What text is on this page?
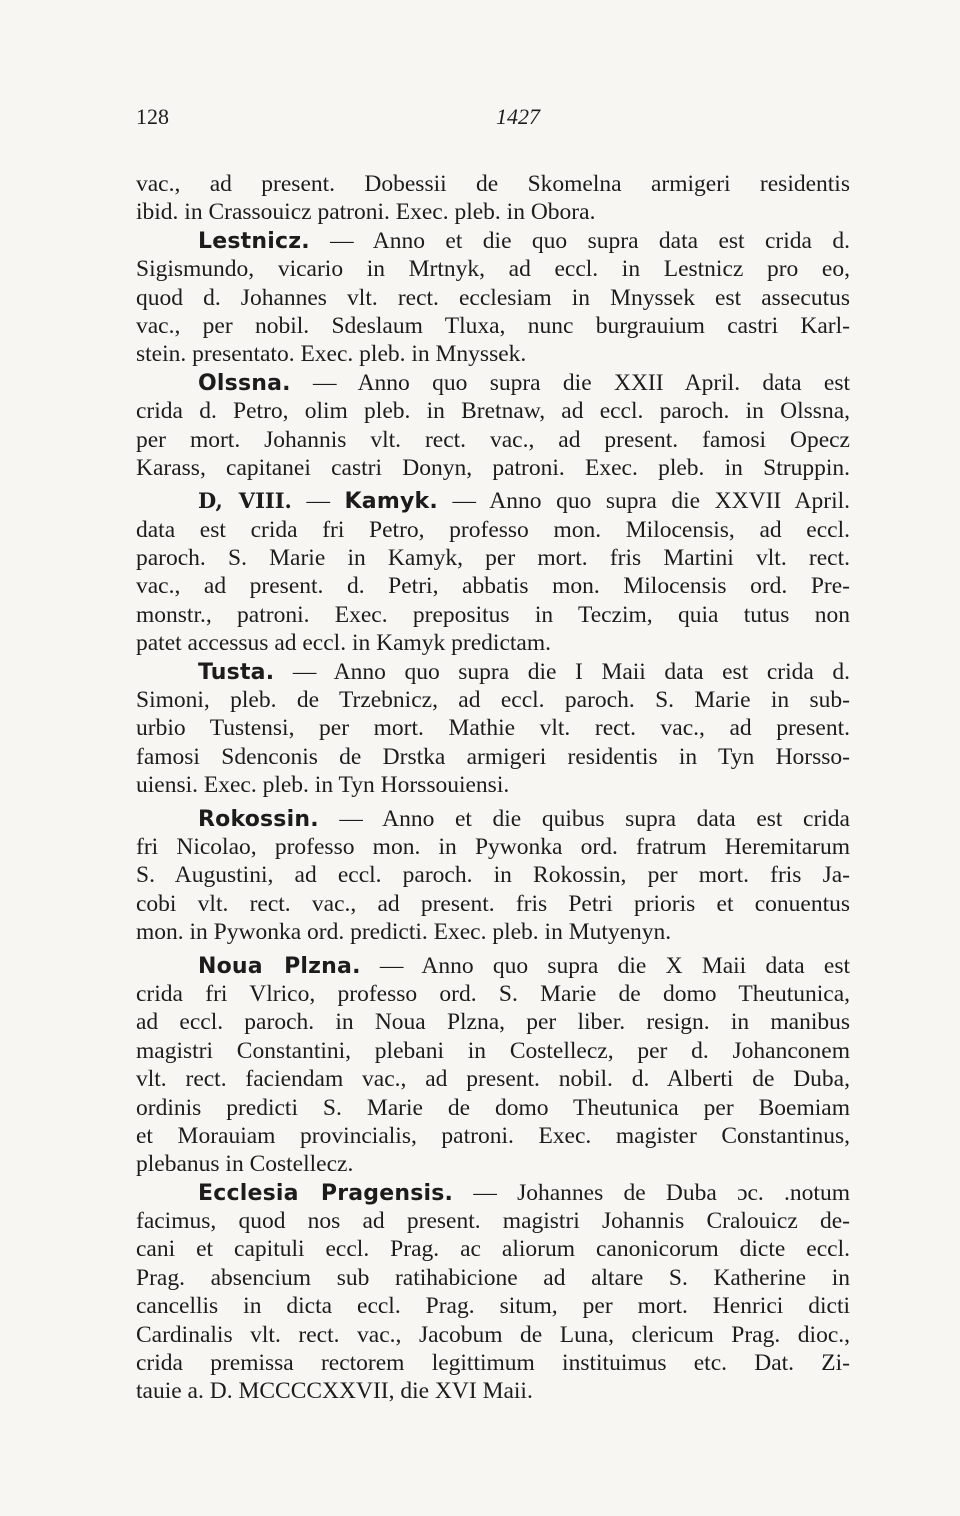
128	1427
vac., ad present. Dobessii de Skomelna armigeri residentis
ibid. in Crassouicz patroni. Exec. pleb. in Obora.
Lestnicz. — Anno et die quo supra data est crida d.
Sigismundo, vicario in Mrtnyk, ad eccl. in Lestnicz pro eo,
quod d. Johannes vlt. rect. ecclesiam in Mnyssek est assecutus
vac., per nobil. Sdeslaum Tluxa, nunc burgrauium castri Karl-
stein. presentato. Exec. pleb. in Mnyssek.
Olssna. — Anno quo supra die XXII April. data est
crida d. Petro, olim pleb. in Bretnaw, ad eccl. paroch. in Olssna,
per mort. Johannis vlt. rect. vac., ad present. famosi Opecz
Karass, capitanei castri Donyn, patroni. Exec. pleb. in Struppin.
D, VIII. — Kamyk. — Anno quo supra die XXVII April.
data est crida fri Petro, professo mon. Milocensis, ad eccl.
paroch. S. Marie in Kamyk, per mort. fris Martini vlt. rect.
vac., ad present. d. Petri, abbatis mon. Milocensis ord. Pre-
monstr., patroni. Exec. prepositus in Teczim, quia tutus non
patet accessus ad eccl. in Kamyk predictam.
Tusta. — Anno quo supra die I Maii data est crida d.
Simoni, pleb. de Trzebnicz, ad eccl. paroch. S. Marie in sub-
urbio Tustensi, per mort. Mathie vlt. rect. vac., ad present.
famosi Sdenconis de Drstka armigeri residentis in Tyn Horsso-
uiensi. Exec. pleb. in Tyn Horssouiensi.
Rokossin. — Anno et die quibus supra data est crida
fri Nicolao, professo mon. in Pywonka ord. fratrum Heremitarum
S. Augustini, ad eccl. paroch. in Rokossin, per mort. fris Ja-
cobi vlt. rect. vac., ad present. fris Petri prioris et conuentus
mon. in Pywonka ord. predicti. Exec. pleb. in Mutyenyn.
Noua Plzna. — Anno quo supra die X Maii data est
crida fri Vlrico, professo ord. S. Marie de domo Theutunica,
ad eccl. paroch. in Noua Plzna, per liber. resign. in manibus
magistri Constantini, plebani in Costellecz, per d. Johanconem
vlt. rect. faciendam vac., ad present. nobil. d. Alberti de Duba,
ordinis predicti S. Marie de domo Theutunica per Boemiam
et Morauiam provincialis, patroni. Exec. magister Constantinus,
plebanus in Costellecz.
Ecclesia Pragensis. — Johannes de Duba ɔc. .notum
facimus, quod nos ad present. magistri Johannis Cralouicz de-
cani et capituli eccl. Prag. ac aliorum canonicorum dicte eccl.
Prag. absencium sub ratihabicione ad altare S. Katherine in
cancellis in dicta eccl. Prag. situm, per mort. Henrici dicti
Cardinalis vlt. rect. vac., Jacobum de Luna, clericum Prag. dioc.,
crida premissa rectorem legittimum instituimus etc. Dat. Zi-
tauie a. D. MCCCCXXVII, die XVI Maii.
